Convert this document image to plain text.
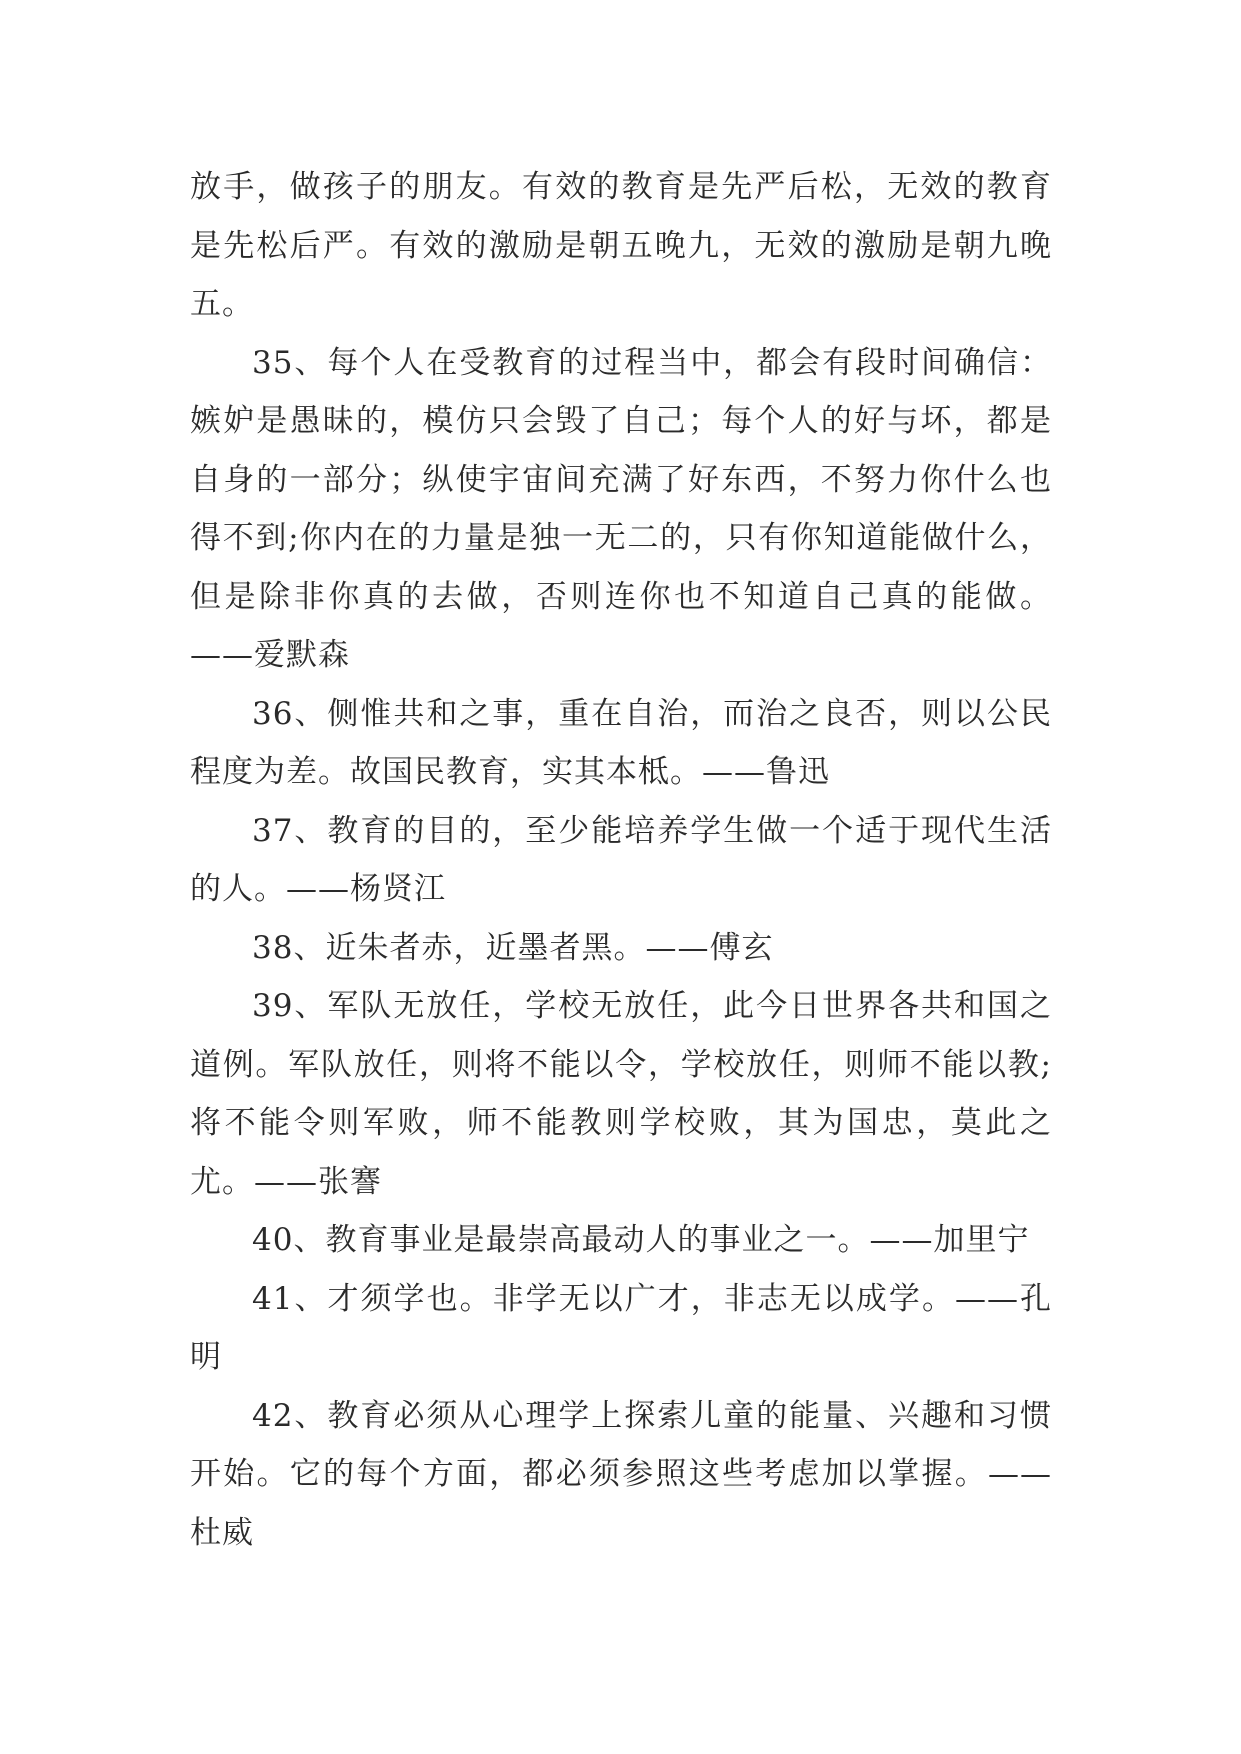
放手，做孩子的朋友。有效的教育是先严后松，无效的教育是先松后严。有效的激励是朝五晚九，无效的激励是朝九晚五。

35、每个人在受教育的过程当中，都会有段时间确信：嫉妒是愚昧的，模仿只会毁了自己；每个人的好与坏，都是自身的一部分；纵使宇宙间充满了好东西，不努力你什么也得不到;你内在的力量是独一无二的，只有你知道能做什么，但是除非你真的去做，否则连你也不知道自己真的能做。——爱默森

36、侧惟共和之事，重在自治，而治之良否，则以公民程度为差。故国民教育，实其本柢。——鲁迅

37、教育的目的，至少能培养学生做一个适于现代生活的人。——杨贤江

38、近朱者赤，近墨者黑。——傅玄

39、军队无放任，学校无放任，此今日世界各共和国之道例。军队放任，则将不能以令，学校放任，则师不能以教;将不能令则军败，师不能教则学校败，其为国忠，莫此之尤。——张謇

40、教育事业是最崇高最动人的事业之一。——加里宁

41、才须学也。非学无以广才，非志无以成学。——孔明

42、教育必须从心理学上探索儿童的能量、兴趣和习惯开始。它的每个方面，都必须参照这些考虑加以掌握。——杜威
